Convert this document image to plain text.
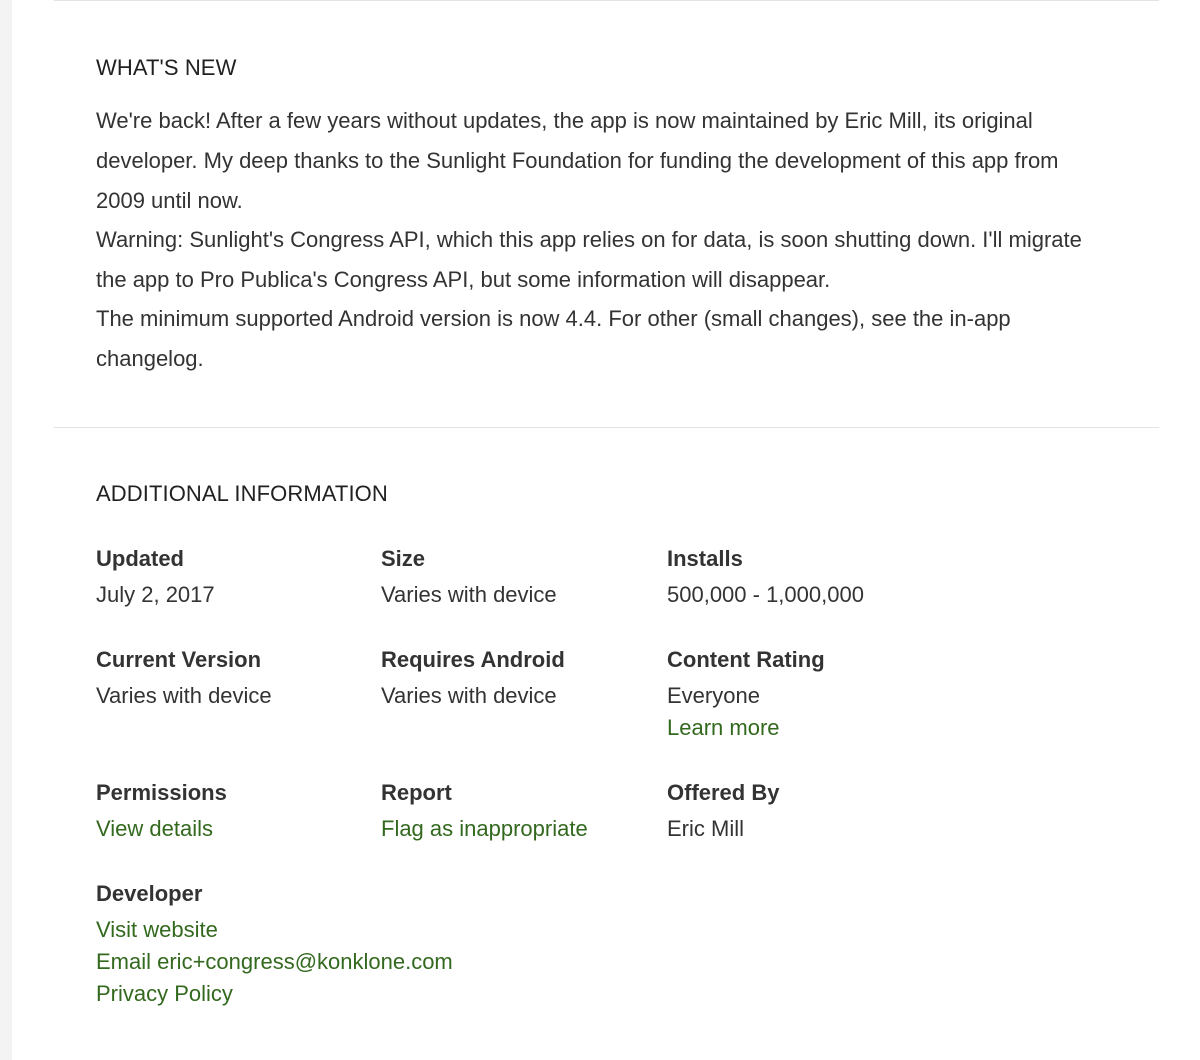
WHAT'S NEW
We're back! After a few years without updates, the app is now maintained by Eric Mill, its original
developer. My deep thanks to the Sunlight Foundation for funding the development of this app from
2009 until now.
Warning: Sunlight's Congress API, which this app relies on for data, is soon shutting down. I'll migrate
the app to Pro Publica's Congress API, but some information will disappear.
The minimum supported Android version is now 4.4. For other (small changes), see the in-app
changelog.
ADDITIONAL INFORMATION
Updated
July 2, 2017
Size
Varies with device
Installs
500,000 - 1,000,000
Current Version
Varies with device
Requires Android
Varies with device
Content Rating
Everyone
Learn more
Permissions
View details
Report
Flag as inappropriate
Offered By
Eric Mill
Developer
Visit website
Email eric+congress@konklone.com
Privacy Policy
